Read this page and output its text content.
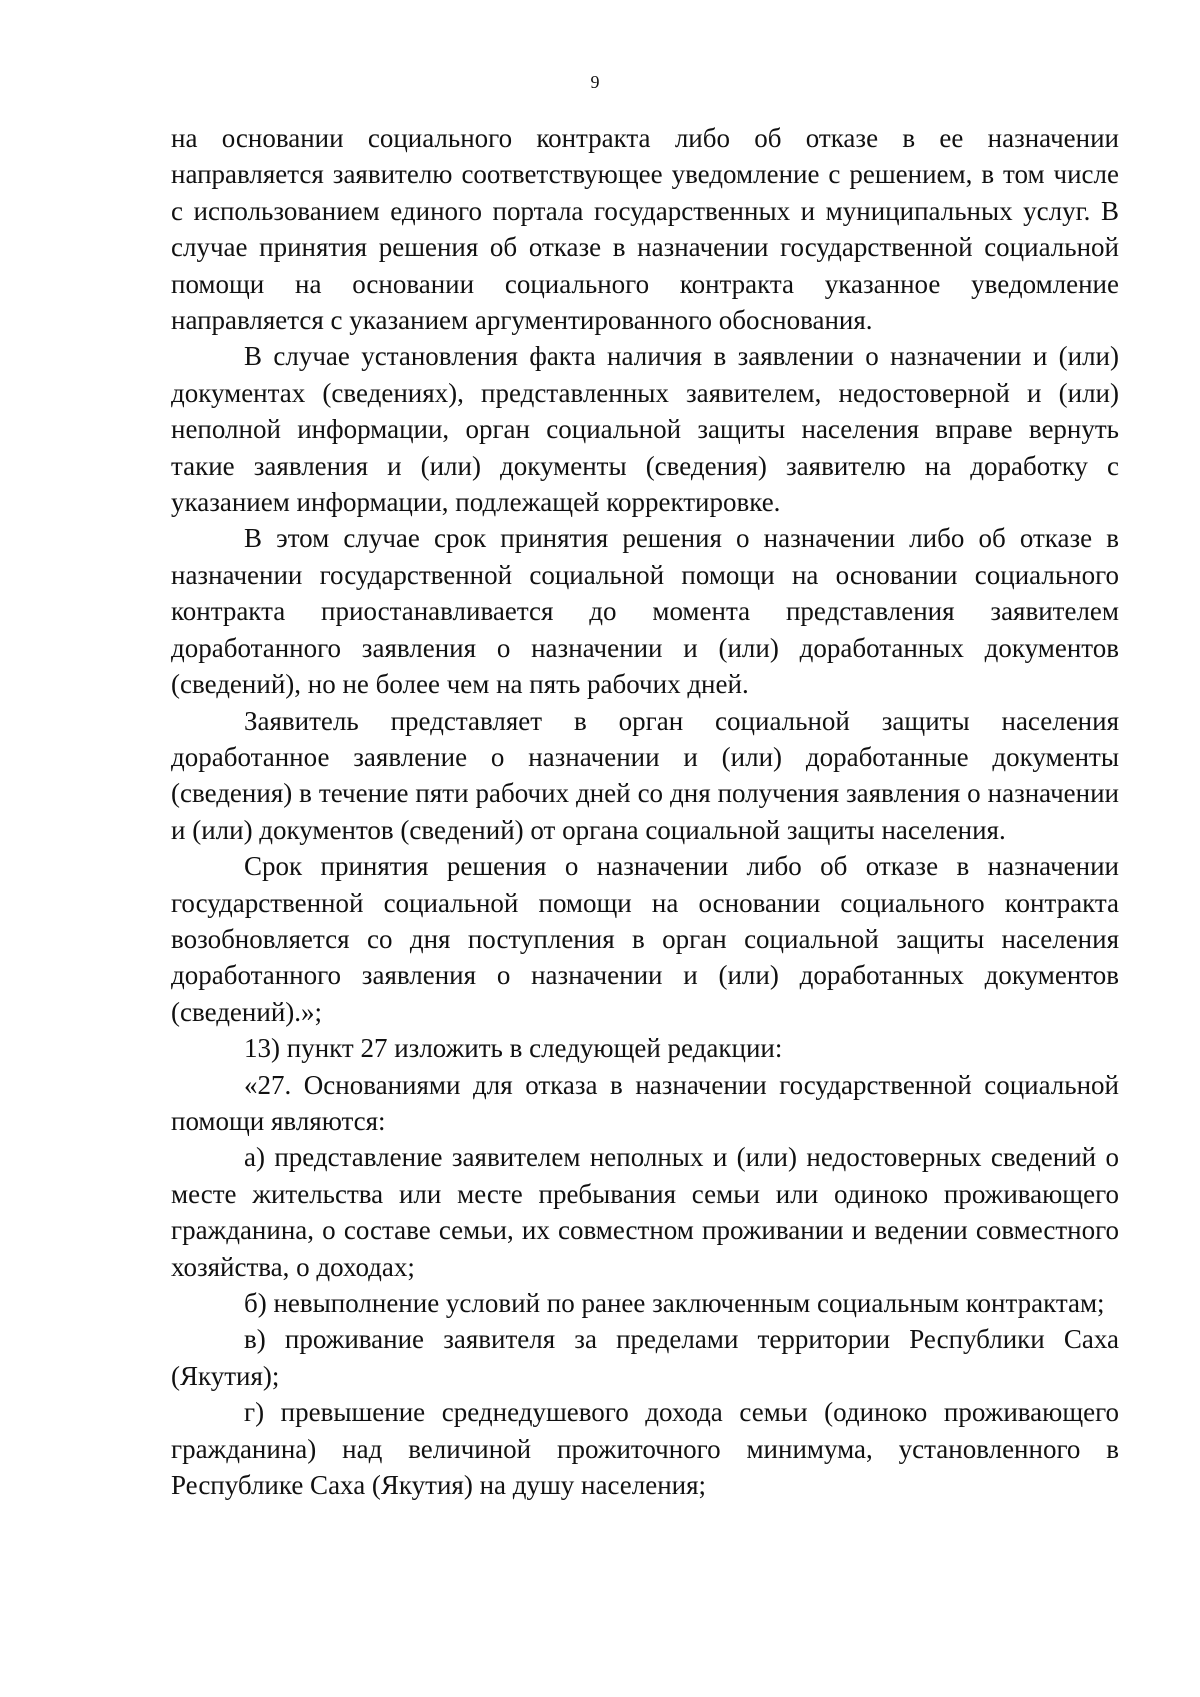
9

на основании социального контракта либо об отказе в ее назначении направляется заявителю соответствующее уведомление с решением, в том числе с использованием единого портала государственных и муниципальных услуг. В случае принятия решения об отказе в назначении государственной социальной помощи на основании социального контракта указанное уведомление направляется с указанием аргументированного обоснования.

В случае установления факта наличия в заявлении о назначении и (или) документах (сведениях), представленных заявителем, недостоверной и (или) неполной информации, орган социальной защиты населения вправе вернуть такие заявления и (или) документы (сведения) заявителю на доработку с указанием информации, подлежащей корректировке.

В этом случае срок принятия решения о назначении либо об отказе в назначении государственной социальной помощи на основании социального контракта приостанавливается до момента представления заявителем доработанного заявления о назначении и (или) доработанных документов (сведений), но не более чем на пять рабочих дней.

Заявитель представляет в орган социальной защиты населения доработанное заявление о назначении и (или) доработанные документы (сведения) в течение пяти рабочих дней со дня получения заявления о назначении и (или) документов (сведений) от органа социальной защиты населения.

Срок принятия решения о назначении либо об отказе в назначении государственной социальной помощи на основании социального контракта возобновляется со дня поступления в орган социальной защиты населения доработанного заявления о назначении и (или) доработанных документов (сведений).»;

13) пункт 27 изложить в следующей редакции:

«27. Основаниями для отказа в назначении государственной социальной помощи являются:

а) представление заявителем неполных и (или) недостоверных сведений о месте жительства или месте пребывания семьи или одиноко проживающего гражданина, о составе семьи, их совместном проживании и ведении совместного хозяйства, о доходах;

б) невыполнение условий по ранее заключенным социальным контрактам;

в) проживание заявителя за пределами территории Республики Саха (Якутия);

г) превышение среднедушевого дохода семьи (одиноко проживающего гражданина) над величиной прожиточного минимума, установленного в Республике Саха (Якутия) на душу населения;
